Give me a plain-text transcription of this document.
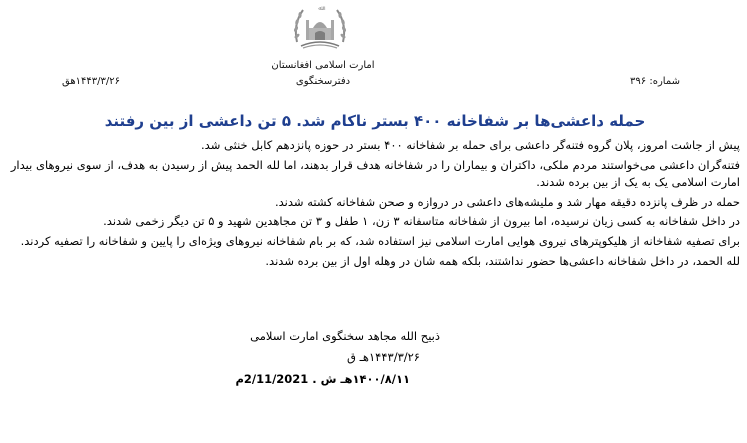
ﷲ
امارت اسلامی افغانستان
دفترسخنگوی	شماره: ۳۹۶
۱۴۴۳/۳/۲۶هق
حمله داعشی‌ها بر شفاخانه ۴۰۰ بستر ناکام شد. ۵ تن داعشی از بین رفتند

پیش از جاشت امروز، پلان گروه فتنه‌گر داعشی برای حمله بر شفاخانه ۴۰۰ بستر در حوزه پانزدهم کابل خنثی شد.

فتنه‌گران داعشی می‌خواستند مردم ملکی، داکتران و بیماران را در شفاخانه هدف قرار بدهند، اما لله الحمد پیش از رسیدن به هدف، از سوی نیروهای بیدار امارت اسلامی یک به یک از بین برده شدند.

حمله در ظرف پانزده دقیقه مهار شد و ملیشه‌های داعشی در دروازه و صحن شفاخانه کشته شدند.

در داخل شفاخانه به کسی زیان نرسیده، اما بیرون از شفاخانه متاسفانه ۳ زن، ۱ طفل و ۳ تن مجاهدین شهید و ۵ تن دیگر زخمی شدند.

برای تصفیه شفاخانه از هلیکوپترهای نیروی هوایی امارت اسلامی نیز استفاده شد، که بر بام شفاخانه نیروهای ویژه‌ای را پایین و شفاخانه را تصفیه کردند.

لله الحمد، در داخل شفاخانه داعشی‌ها حضور نداشتند، بلکه همه شان در وهله اول از بین برده شدند.

ذبیح الله مجاهد سخنگوی امارت اسلامی
۱۴۴۳/۳/۲۶هـ ق
۱۴۰۰/۸/۱۱هـ ش . 2/11/2021م
